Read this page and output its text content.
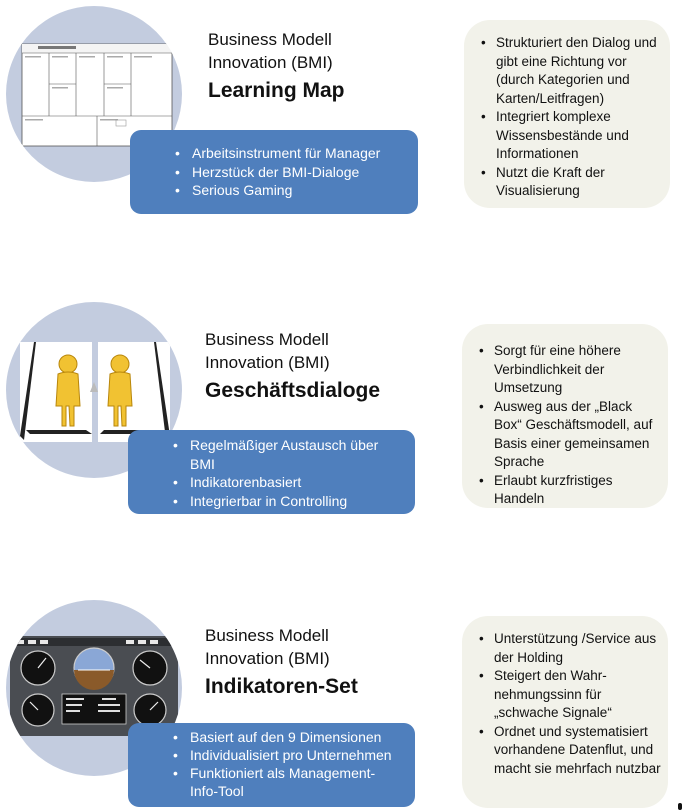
Business Modell
Innovation (BMI)
Learning Map
• Arbeitsinstrument für Manager
• Herzstück der BMI-Dialoge
• Serious Gaming
• Strukturiert den Dialog und gibt eine Richtung vor (durch Kategorien und Karten/Leitfragen)
• Integriert komplexe Wissensbestände und Informationen
• Nutzt die Kraft der Visualisierung
Business Modell
Innovation (BMI)
Geschäftsdialoge
• Regelmäßiger Austausch über BMI
• Indikatorenbasiert
• Integrierbar in Controlling
• Sorgt für eine höhere Verbindlichkeit der Umsetzung
• Ausweg aus der „Black Box“ Geschäftsmodell, auf Basis einer gemeinsamen Sprache
• Erlaubt kurzfristiges Handeln
Business Modell
Innovation (BMI)
Indikatoren-Set
• Basiert auf den 9 Dimensionen
• Individualisiert pro Unternehmen
• Funktioniert als Management-Info-Tool
• Unterstützung /Service aus der Holding
• Steigert den Wahr-nehmungssinn für „schwache Signale“
• Ordnet und systematisiert vorhandene Datenflut, und macht sie mehrfach nutzbar
